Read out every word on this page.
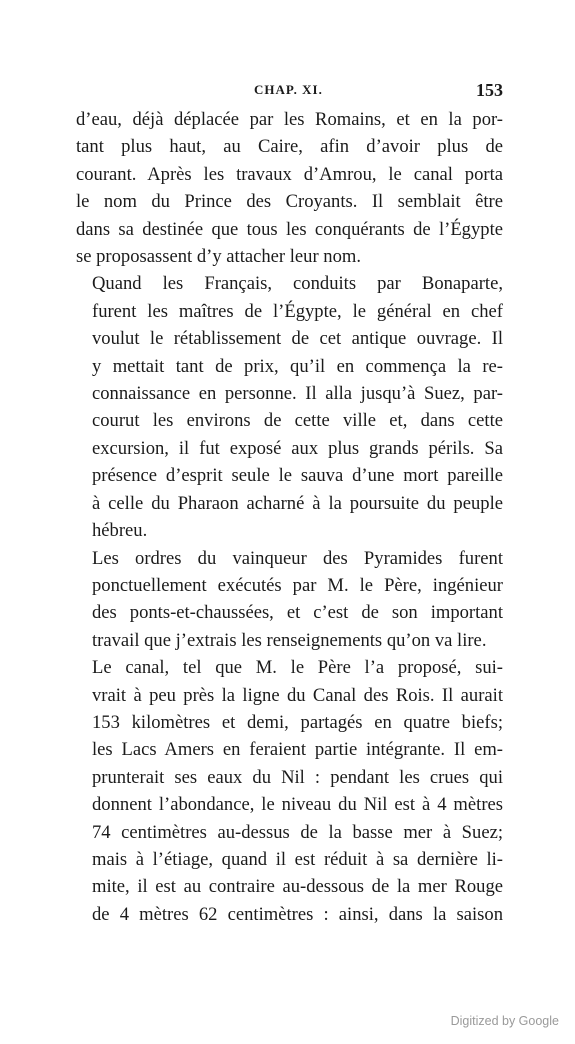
CHAP. XI.	153

d’eau, déjà déplacée par les Romains, et en la por-
tant plus haut, au Caire, afin d’avoir plus de
courant. Après les travaux d’Amrou, le canal porta
le nom du Prince des Croyants. Il semblait être
dans sa destinée que tous les conquérants de l’Égypte
se proposassent d’y attacher leur nom.

Quand les Français, conduits par Bonaparte,
furent les maîtres de l’Égypte, le général en chef
voulut le rétablissement de cet antique ouvrage. Il
y mettait tant de prix, qu’il en commença la re-
connaissance en personne. Il alla jusqu’à Suez, par-
courut les environs de cette ville et, dans cette
excursion, il fut exposé aux plus grands périls. Sa
présence d’esprit seule le sauva d’une mort pareille
à celle du Pharaon acharné à la poursuite du peuple
hébreu.

Les ordres du vainqueur des Pyramides furent
ponctuellement exécutés par M. le Père, ingénieur
des ponts-et-chaussées, et c’est de son important
travail que j’extrais les renseignements qu’on va lire.

Le canal, tel que M. le Père l’a proposé, sui-
vrait à peu près la ligne du Canal des Rois. Il aurait
153 kilomètres et demi, partagés en quatre biefs;
les Lacs Amers en feraient partie intégrante. Il em-
prunterait ses eaux du Nil : pendant les crues qui
donnent l’abondance, le niveau du Nil est à 4 mètres
74 centimètres au-dessus de la basse mer à Suez;
mais à l’étiage, quand il est réduit à sa dernière li-
mite, il est au contraire au-dessous de la mer Rouge
de 4 mètres 62 centimètres : ainsi, dans la saison

Digitized by Google
